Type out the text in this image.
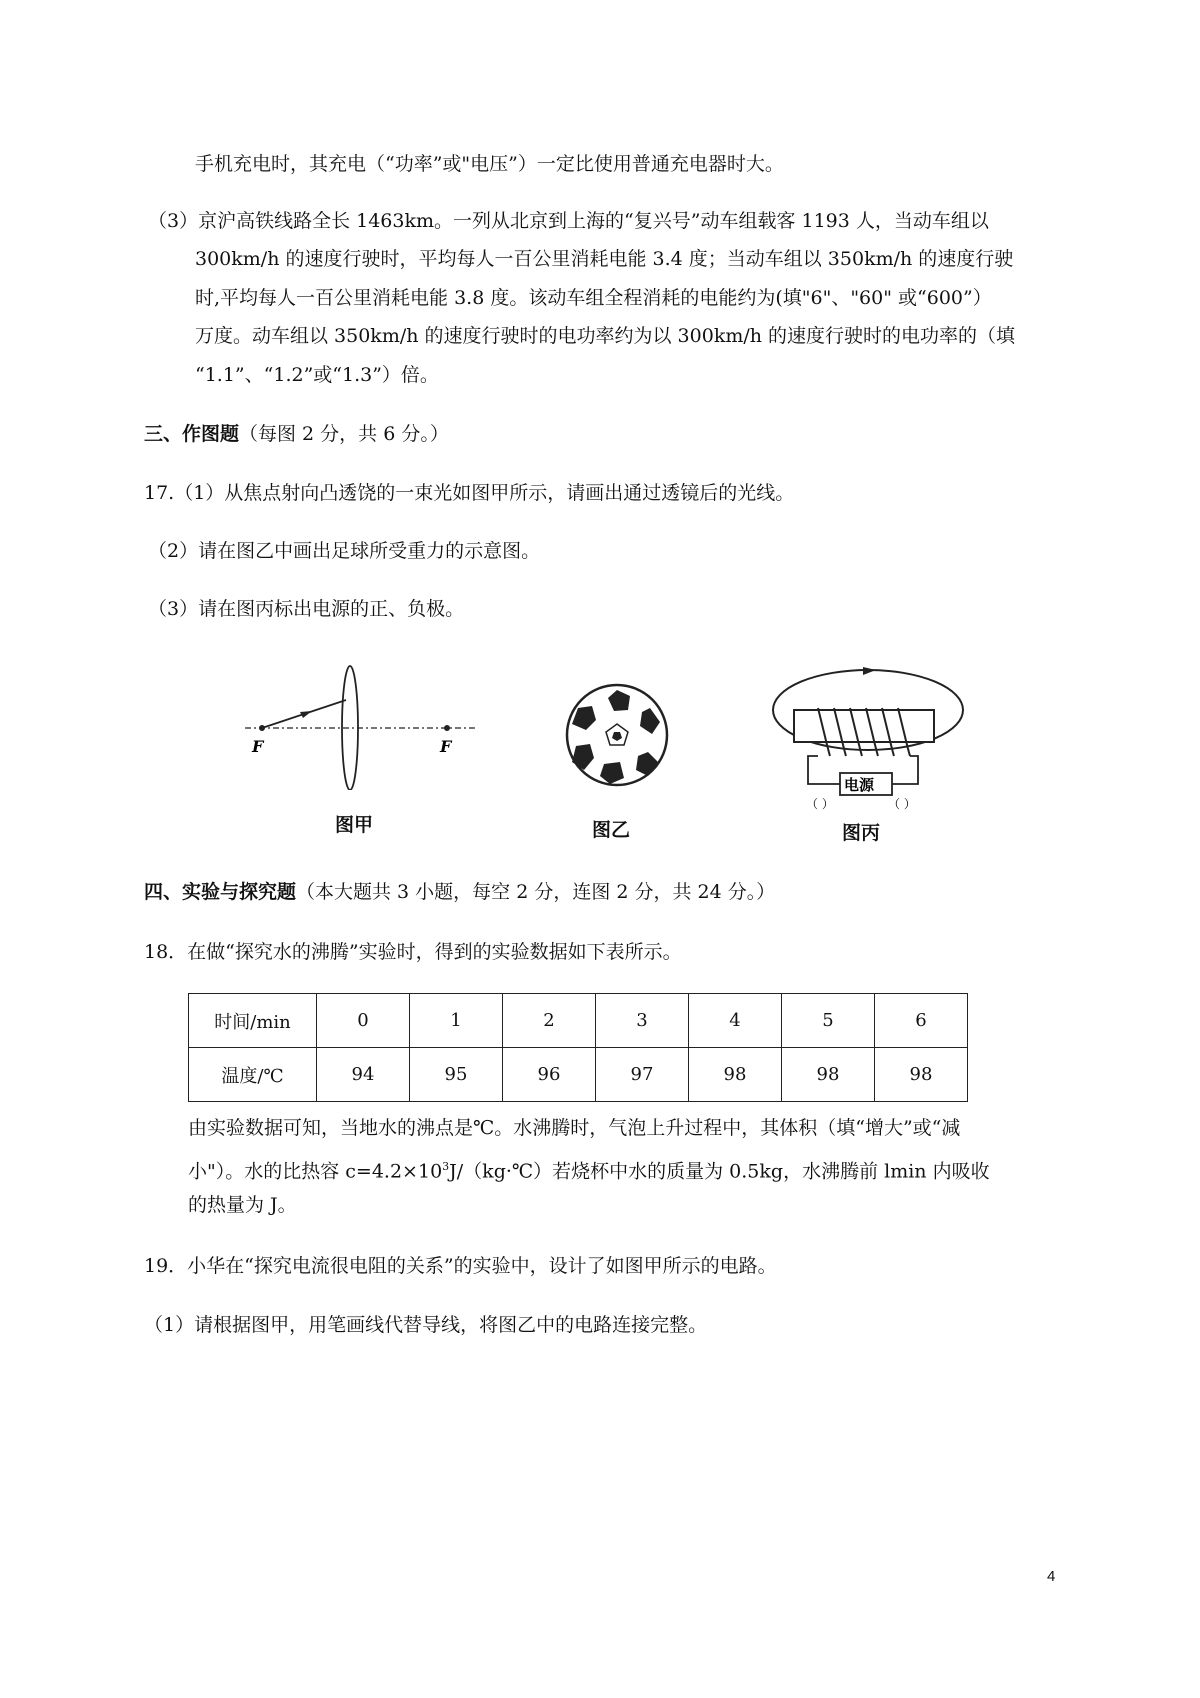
手机充电时，其充电（“功率”或"电压”）一定比使用普通充电器时大。
（3）京沪高铁线路全长 1463km。一列从北京到上海的“复兴号”动车组载客 1193 人，当动车组以
300km/h 的速度行驶时，平均每人一百公里消耗电能 3.4 度；当动车组以 350km/h 的速度行驶
时,平均每人一百公里消耗电能 3.8 度。该动车组全程消耗的电能约为(填"6"、"60" 或“600”）
万度。动车组以 350km/h 的速度行驶时的电功率约为以 300km/h 的速度行驶时的电功率的（填
“1.1”、“1.2”或“1.3”）倍。
三、作图题（每图 2 分，共 6 分。）
17.（1）从焦点射向凸透饶的一束光如图甲所示，请画出通过透镜后的光线。
（2）请在图乙中画出足球所受重力的示意图。
（3）请在图丙标出电源的正、负极。
F	F
图甲	图乙
电源
（ ）	（ ）
图丙
四、实验与探究题（本大题共 3 小题，每空 2 分，连图 2 分，共 24 分。）
18．在做“探究水的沸腾”实验时，得到的实验数据如下表所示。
时间/min	0	1	2	3	4	5	6
温度/℃	94	95	96	97	98	98	98
由实验数据可知，当地水的沸点是℃。水沸腾时，气泡上升过程中，其体积（填“增大”或“减
小"）。水的比热容 $c=4.2\times 10^3J/(kg\cdot℃)$若烧杯中水的质量为 0.5kg，水沸腾前 lmin 内吸收
的热量为 J。
19．小华在“探究电流很电阻的关系”的实验中，设计了如图甲所示的电路。
（1）请根据图甲，用笔画线代替导线，将图乙中的电路连接完整。
4
